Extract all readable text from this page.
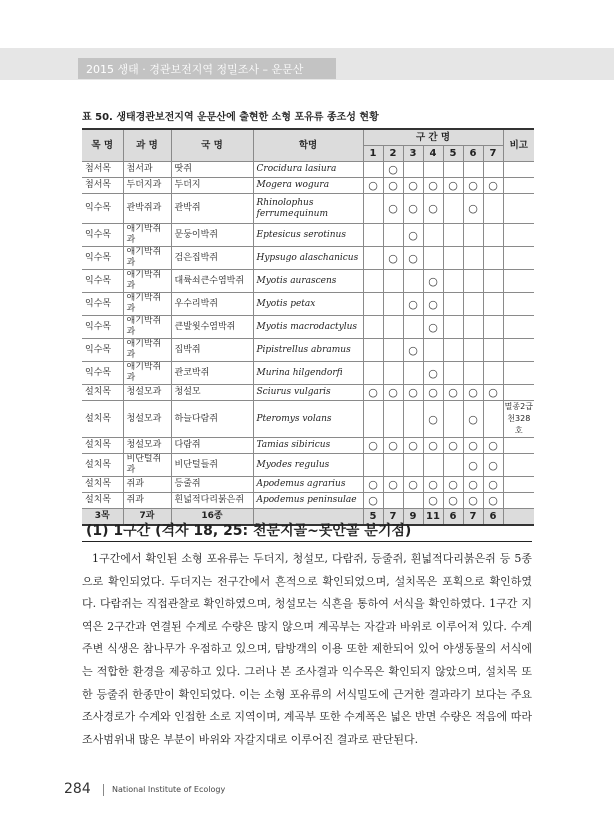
2015 생태 · 경관보전지역 정밀조사 – 운문산
표 50. 생태경관보전지역 운문산에 출현한 소형 포유류 종조성 현황
목 명	과 명	국 명	학명	구 간 명							비고
				1	2	3	4	5	6	7	
첨서목	첨서과	땃쥐	Crocidura lasiura		○						
첨서목	두더지과	두더지	Mogera wogura	○	○	○	○	○	○	○	
익수목	관박쥐과	관박쥐	Rhinolophus ferrumequinum		○	○	○		○		
익수목	애기박쥐과	문둥이박쥐	Eptesicus serotinus			○					
익수목	애기박쥐과	검은집박쥐	Hypsugo alaschanicus		○	○					
익수목	애기박쥐과	대륙쇠큰수염박쥐	Myotis aurascens				○				
익수목	애기박쥐과	우수리박쥐	Myotis petax			○	○				
익수목	애기박쥐과	큰발윗수염박쥐	Myotis macrodactylus				○				
익수목	애기박쥐과	집박쥐	Pipistrellus abramus			○					
익수목	애기박쥐과	관코박쥐	Murina hilgendorfi				○				
설치목	청설모과	청설모	Sciurus vulgaris	○	○	○	○	○	○	○	
설치목	청설모과	하늘다람쥐	Pteromys volans				○		○		멸종2급 천328호
설치목	청설모과	다람쥐	Tamias sibiricus	○	○	○	○	○	○	○	
설치목	비단털쥐과	비단털들쥐	Myodes regulus						○	○	
설치목	쥐과	등줄쥐	Apodemus agrarius	○	○	○	○	○	○	○	
설치목	쥐과	흰넓적다리붉은쥐	Apodemus peninsulae	○			○	○	○	○	
3목	7과	16종		5	7	9	11	6	7	6	
(1) 1구간 (격자 18, 25: 천문지골~못안골 분기점)

1구간에서 확인된 소형 포유류는 두더지, 청설모, 다람쥐, 등줄쥐, 흰넓적다리붉은쥐 등 5종으로 확인되었다. 두더지는 전구간에서 흔적으로 확인되었으며, 설치목은 포획으로 확인하였다. 다람쥐는 직접관찰로 확인하였으며, 청설모는 식흔을 통하여 서식을 확인하였다. 1구간 지역은 2구간과 연결된 수계로 수량은 많지 않으며 계곡부는 자갈과 바위로 이루어져 있다. 수계주변 식생은 참나무가 우점하고 있으며, 탐방객의 이용 또한 제한되어 있어 야생동물의 서식에는 적합한 환경을 제공하고 있다. 그러나 본 조사결과 익수목은 확인되지 않았으며, 설치목 또한 등줄쥐 한종만이 확인되었다. 이는 소형 포유류의 서식밀도에 근거한 결과라기 보다는 주요 조사경로가 수계와 인접한 소로 지역이며, 계곡부 또한 수계폭은 넓은 반면 수량은 적음에 따라 조사범위내 많은 부분이 바위와 자갈지대로 이루어진 결과로 판단된다.

284	National Institute of Ecology
